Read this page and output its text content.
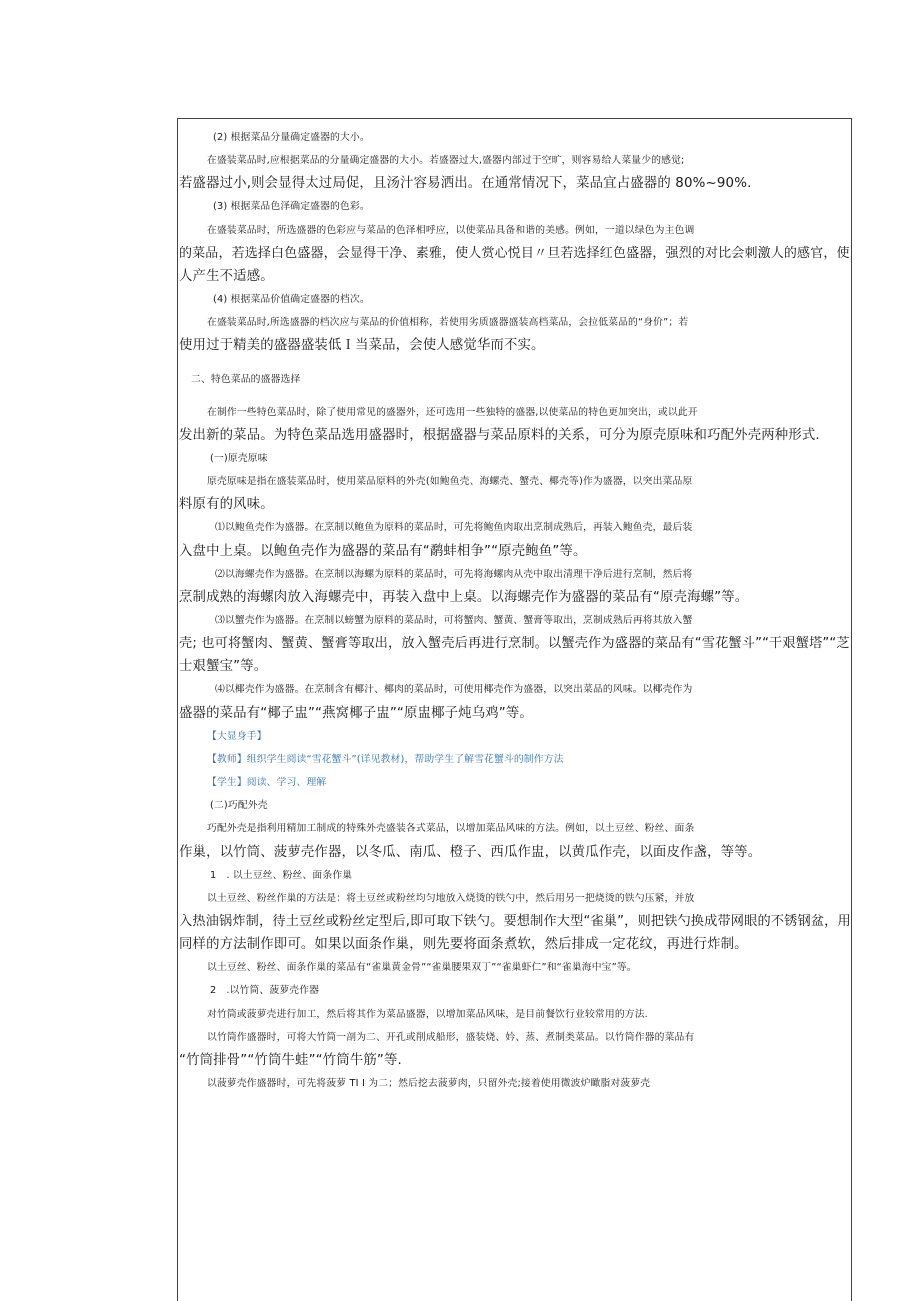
(2) 根据菜品分量确定盛器的大小。
在盛装菜品时,应根据菜品的分量确定盛器的大小。若盛器过大,盛器内部过于空旷，则容易给人菜量少的感觉;
若盛器过小,则会显得太过局促，且汤汁容易洒出。在通常情况下，菜品宜占盛器的 80%~90%.
(3) 根据菜品色泽确定盛器的色彩。
在盛装菜品时，所选盛器的色彩应与菜品的色泽相呼应，以使菜品具备和谐的美感。例如，一道以绿色为主色调
的菜品，若选择白色盛器，会显得干净、素雅，使人赏心悦目〃旦若选择红色盛器，强烈的对比会刺激人的感官，使
人产生不适感。
(4) 根据菜品价值确定盛器的档次。
在盛装菜品时,所选盛器的档次应与菜品的价值相称，若使用劣质盛器盛装高档菜品，会拉低菜品的“身价”；若
使用过于精美的盛器盛装低Ｉ当菜品，会使人感觉华而不实。
二、特色菜品的盛器选择
在制作一些特色菜品时，除了使用常见的盛器外，还可选用一些独特的盛器,以使菜品的特色更加突出，或以此开
发出新的菜品。为特色菜品选用盛器时，根据盛器与菜品原料的关系，可分为原壳原味和巧配外壳两种形式.
(一)原壳原味
原壳原味是指在盛装菜品时，使用菜品原料的外壳(如鲍鱼壳、海螺壳、蟹壳、椰壳等)作为盛器，以突出菜品原
料原有的风味。
⑴以鲍鱼壳作为盛器。在烹制以鲍鱼为原料的菜品时，可先将鲍鱼肉取出烹制成熟后，再装入鲍鱼壳，最后装
入盘中上桌。以鲍鱼壳作为盛器的菜品有“鹬蚌相争”“原壳鲍鱼”等。
⑵以海螺壳作为盛器。在烹制以海螺为原料的菜品时，可先将海螺肉从壳中取出清理干净后进行烹制，然后将
烹制成熟的海螺肉放入海螺壳中，再装入盘中上桌。以海螺壳作为盛器的菜品有“原壳海螺”等。
⑶以蟹壳作为盛器。在烹制以螃蟹为原料的菜品时，可将蟹肉、蟹黄、蟹膏等取出，烹制成熟后再将其放入蟹
壳; 也可将蟹肉、蟹黄、蟹膏等取出，放入蟹壳后再进行烹制。以蟹壳作为盛器的菜品有“雪花蟹斗”“干艰蟹塔”“芝
士艰蟹宝”等。
⑷以椰壳作为盛器。在烹制含有椰汁、椰肉的菜品时，可使用椰壳作为盛器，以突出菜品的风味。以椰壳作为
盛器的菜品有“椰子盅”“燕窝椰子盅”“原盅椰子炖乌鸡”等。
【大显身手】
【教师】组织学生阅读“雪花蟹斗”(详见教材)，帮助学生了解雪花蟹斗的制作方法
【学生】阅读、学习、理解
(二)巧配外壳
巧配外壳是指利用精加工制成的特殊外壳盛装各式菜品，以增加菜品风味的方法。例如，以土豆丝、粉丝、面条
作巢，以竹筒、菠萝壳作器，以冬瓜、南瓜、橙子、西瓜作盅，以黄瓜作壳，以面皮作盏，等等。
1　. 以土豆丝、粉丝、面条作巢
以土豆丝、粉丝作巢的方法是：将土豆丝或粉丝均匀地放入烧烫的铁勺中，然后用另一把烧烫的铁勺压紧，并放
入热油锅炸制，待土豆丝或粉丝定型后,即可取下铁勺。要想制作大型“雀巢”，则把铁勺换成带网眼的不锈钢盆，用
同样的方法制作即可。如果以面条作巢，则先要将面条煮软，然后排成一定花纹，再进行炸制。
以土豆丝、粉丝、面条作巢的菜品有“雀巢黄金骨”“雀巢腰果双丁”“雀巢虾仁”和“雀巢海中宝”等。
2　.以竹筒、菠萝壳作器
对竹筒或菠萝壳进行加工，然后将其作为菜品盛器，以增加菜品风味，是目前餐饮行业较常用的方法.
以竹筒作盛器时，可将大竹筒一剖为二、开孔或削成船形，盛装烧、妗、蒸、煮制类菜品。以竹筒作器的菜品有
“竹筒排骨”“竹筒牛蛙”“竹筒牛筋”等.
以菠萝壳作盛器时，可先将菠萝 TI I 为二；然后挖去菠萝肉，只留外壳;接着使用微波炉瞰脂对菠萝壳
